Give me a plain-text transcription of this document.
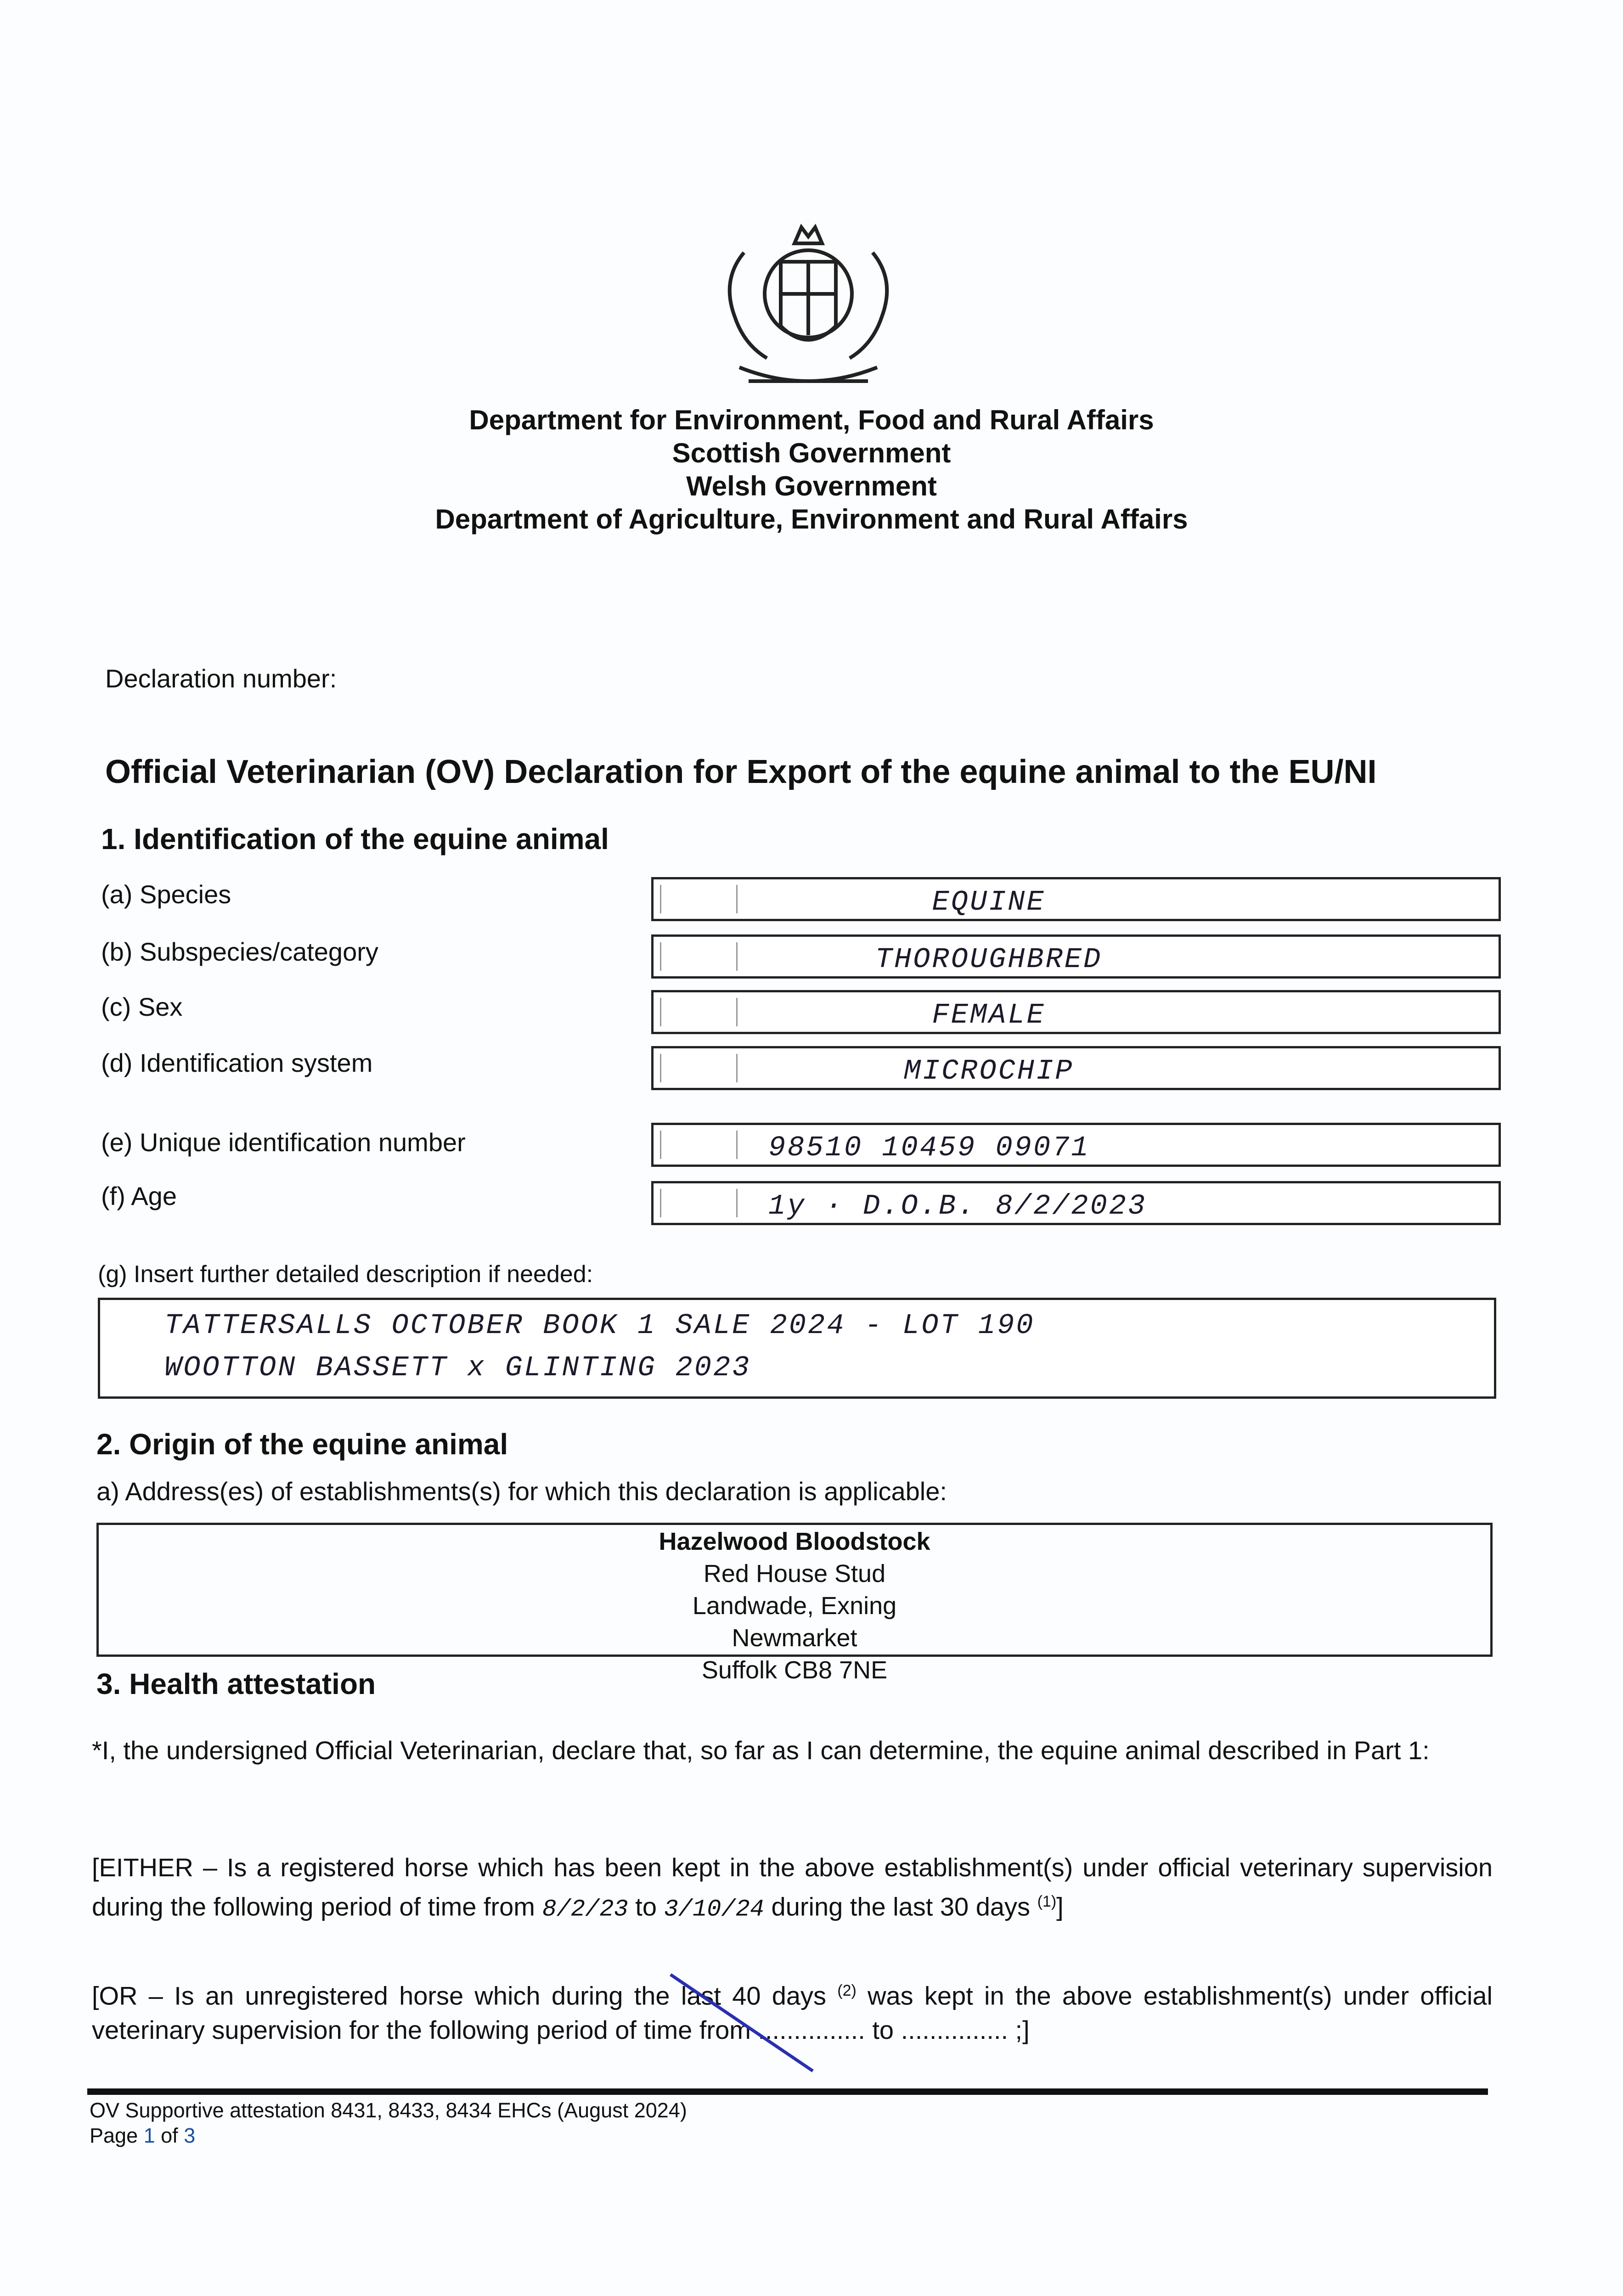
Department for Environment, Food and Rural Affairs
Scottish Government
Welsh Government
Department of Agriculture, Environment and Rural Affairs
Declaration number:
Official Veterinarian (OV) Declaration for Export of the equine animal to the EU/NI
1. Identification of the equine animal
(a) Species	EQUINE
(b) Subspecies/category	THOROUGHBRED
(c) Sex	FEMALE
(d) Identification system	MICROCHIP
(e) Unique identification number	98510 10459 09071
(f) Age	1y · D.O.B. 8/2/2023
(g) Insert further detailed description if needed:
TATTERSALLS OCTOBER BOOK 1 SALE 2024 - LOT 190
WOOTTON BASSETT x GLINTING 2023
2. Origin of the equine animal
a) Address(es) of establishments(s) for which this declaration is applicable:
Hazelwood Bloodstock
Red House Stud
Landwade, Exning
Newmarket
Suffolk CB8 7NE
3. Health attestation
*I, the undersigned Official Veterinarian, declare that, so far as I can determine, the equine animal described in Part 1:
[EITHER – Is a registered horse which has been kept in the above establishment(s) under official veterinary supervision during the following period of time from 8/2/23 to 3/10/24 during the last 30 days $^{(1)}$]
[OR – Is an unregistered horse which during the last 40 days $^{(2)}$ was kept in the above establishment(s) under official veterinary supervision for the following period of time from ............... to ............... ;]
OV Supportive attestation 8431, 8433, 8434 EHCs (August 2024)
Page 1 of 3
